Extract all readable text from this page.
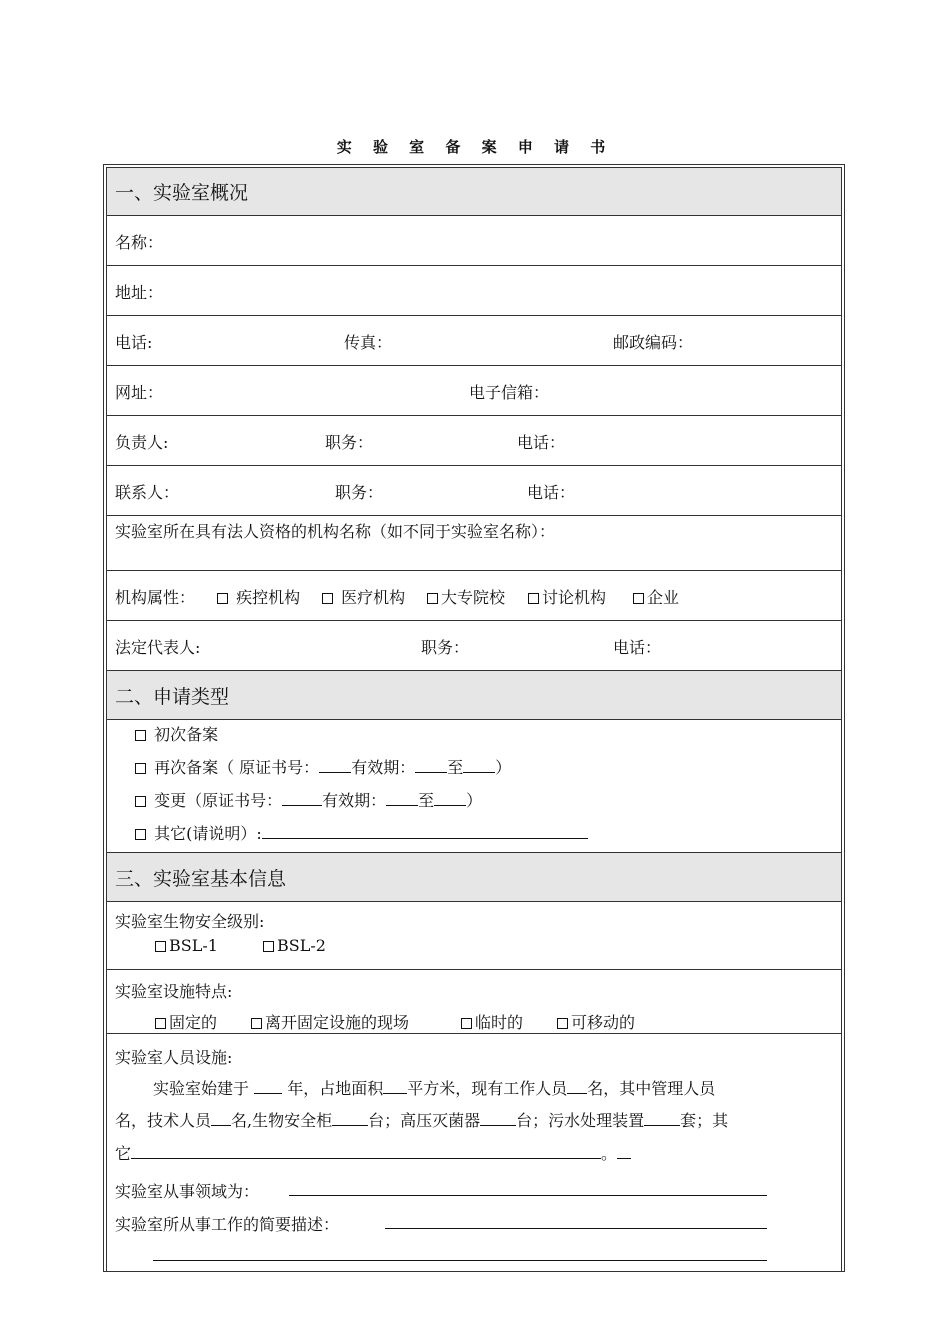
实 验 室 备 案 申 请 书
一、实验室概况
名称：
地址：
电话:	传真：	邮政编码：
网址：	电子信箱：
负责人:	职务：	电话：
联系人：	职务：	电话：
实验室所在具有法人资格的机构名称（如不同于实验室名称）：
机构属性：	疾控机构	医疗机构	大专院校	讨论机构	企业
法定代表人:	职务：	电话：
二、申请类型
初次备案
再次备案（ 原证书号： 有效期： 至 ）
变更（原证书号：	有效期： 至 ）
其它(请说明）:
三、实验室基本信息
实验室生物安全级别:
BSL-1	BSL-2
实验室设施特点:
固定的	离开固定设施的现场	临时的	可移动的
实验室人员设施:
实验室始建于 年，占地面积 平方米，现有工作人员 名，其中管理人员
名，技术人员 名,生物安全柜 台；高压灭菌器 台；污水处理装置 套；其
它	。
实验室从事领域为：
实验室所从事工作的简要描述：
